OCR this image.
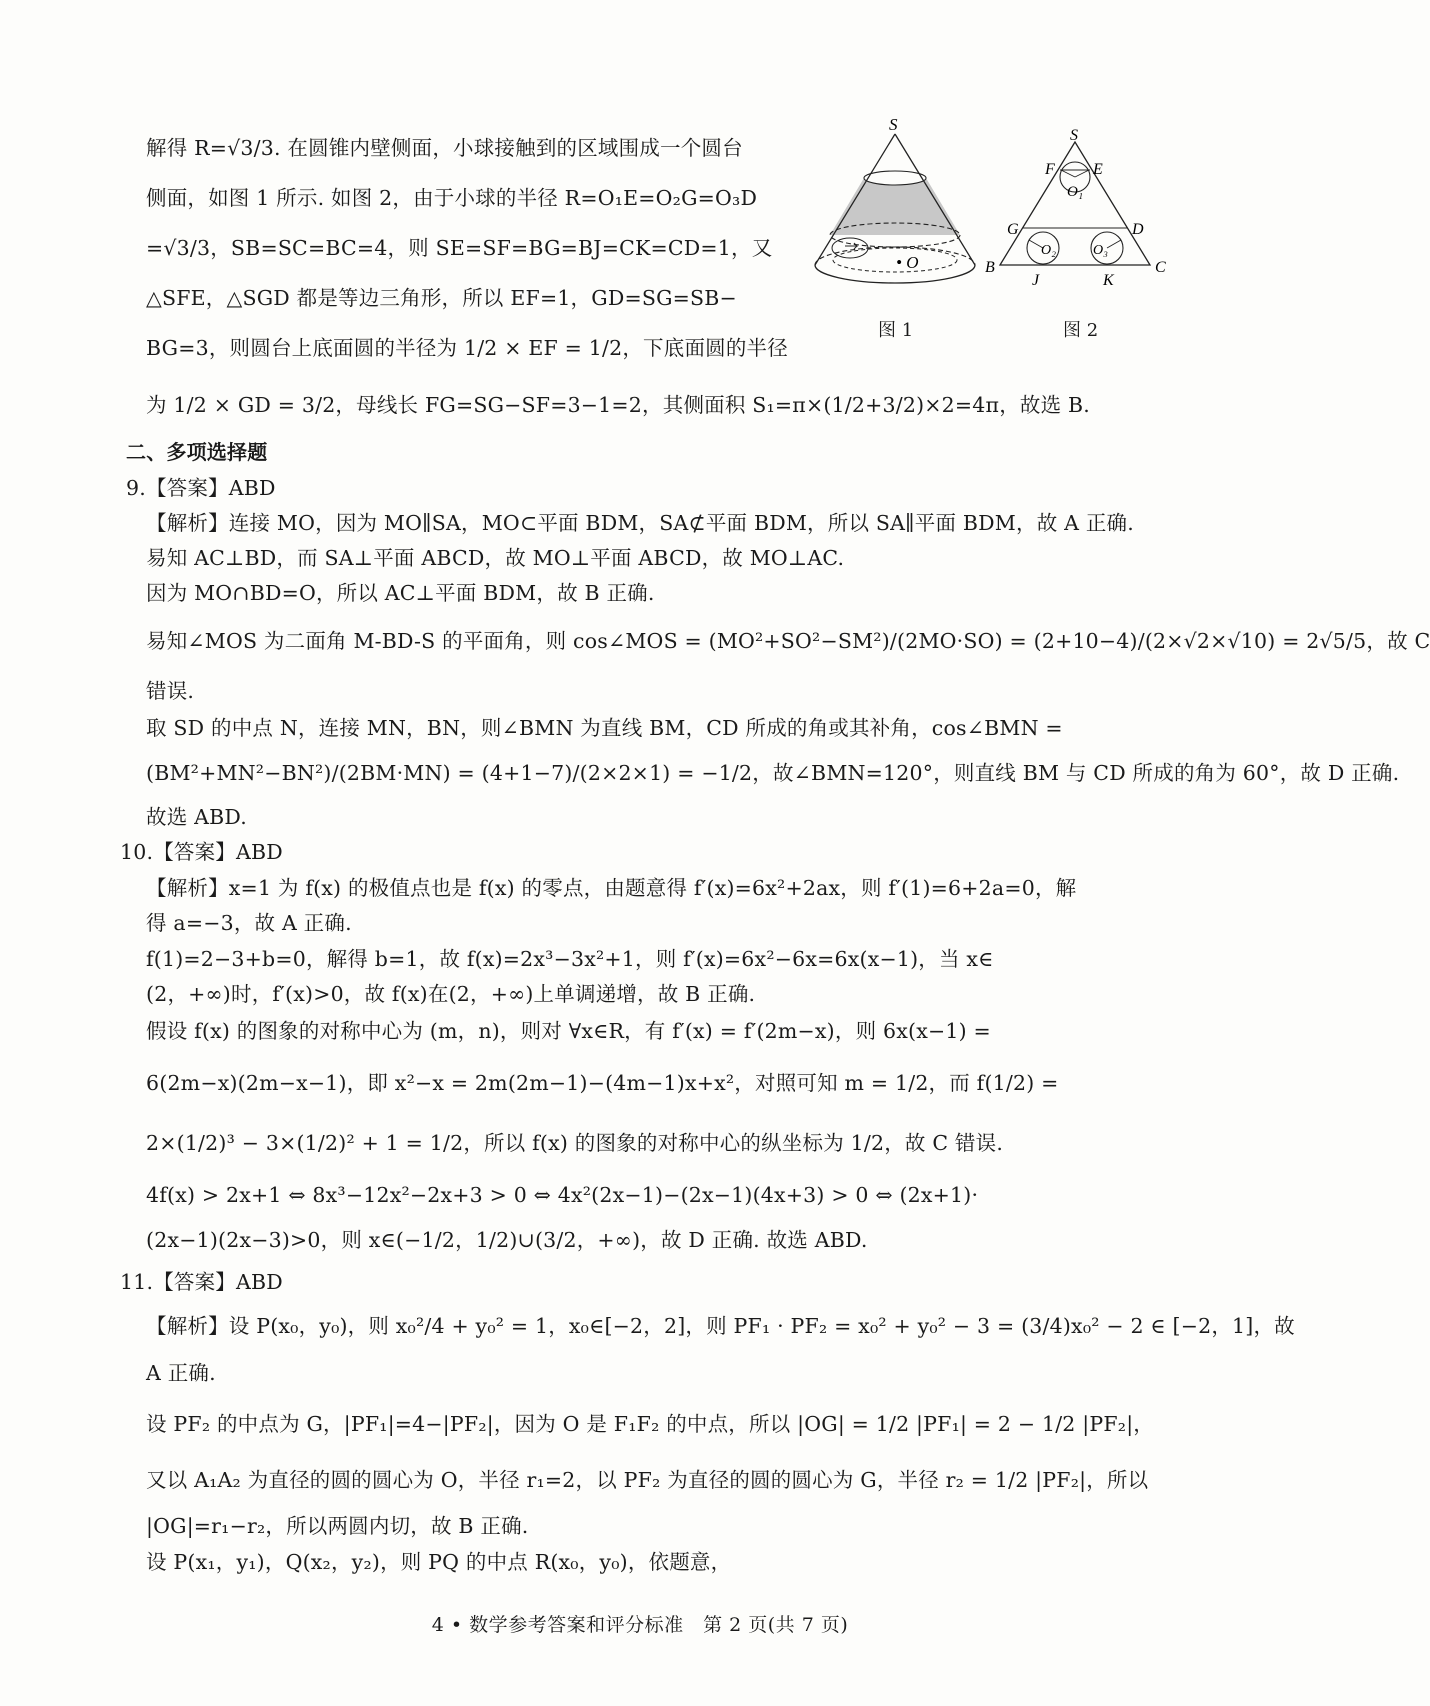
解得 R=√3/3. 在圆锥内壁侧面，小球接触到的区域围成一个圆台
侧面，如图 1 所示. 如图 2，由于小球的半径 R=O₁E=O₂G=O₃D
=√3/3，SB=SC=BC=4，则 SE=SF=BG=BJ=CK=CD=1，又
△SFE，△SGD 都是等边三角形，所以 EF=1，GD=SG=SB−
BG=3，则圆台上底面圆的半径为 1/2 × EF = 1/2，下底面圆的半径
为 1/2 × GD = 3/2，母线长 FG=SG−SF=3−1=2，其侧面积 S₁=π×(1/2+3/2)×2=4π，故选 B.
二、多项选择题
9.【答案】ABD
【解析】连接 MO，因为 MO∥SA，MO⊂平面 BDM，SA⊄平面 BDM，所以 SA∥平面 BDM，故 A 正确.
易知 AC⊥BD，而 SA⊥平面 ABCD，故 MO⊥平面 ABCD，故 MO⊥AC.
因为 MO∩BD=O，所以 AC⊥平面 BDM，故 B 正确.
易知∠MOS 为二面角 M-BD-S 的平面角，则 cos∠MOS = (MO²+SO²−SM²)/(2MO·SO) = (2+10−4)/(2×√2×√10) = 2√5/5，故 C
错误.
取 SD 的中点 N，连接 MN，BN，则∠BMN 为直线 BM，CD 所成的角或其补角，cos∠BMN =
(BM²+MN²−BN²)/(2BM·MN) = (4+1−7)/(2×2×1) = −1/2，故∠BMN=120°，则直线 BM 与 CD 所成的角为 60°，故 D 正确.
故选 ABD.
10.【答案】ABD
【解析】x=1 为 f(x) 的极值点也是 f(x) 的零点，由题意得 f′(x)=6x²+2ax，则 f′(1)=6+2a=0，解
得 a=−3，故 A 正确.
f(1)=2−3+b=0，解得 b=1，故 f(x)=2x³−3x²+1，则 f′(x)=6x²−6x=6x(x−1)，当 x∈
(2，+∞)时，f′(x)>0，故 f(x)在(2，+∞)上单调递增，故 B 正确.
假设 f(x) 的图象的对称中心为 (m，n)，则对 ∀x∈R，有 f′(x) = f′(2m−x)，则 6x(x−1) =
6(2m−x)(2m−x−1)，即 x²−x = 2m(2m−1)−(4m−1)x+x²，对照可知 m = 1/2，而 f(1/2) =
2×(1/2)³ − 3×(1/2)² + 1 = 1/2，所以 f(x) 的图象的对称中心的纵坐标为 1/2，故 C 错误.
4f(x) > 2x+1 ⇔ 8x³−12x²−2x+3 > 0 ⇔ 4x²(2x−1)−(2x−1)(4x+3) > 0 ⇔ (2x+1)·
(2x−1)(2x−3)>0，则 x∈(−1/2，1/2)∪(3/2，+∞)，故 D 正确. 故选 ABD.
11.【答案】ABD
【解析】设 P(x₀，y₀)，则 x₀²/4 + y₀² = 1，x₀∈[−2，2]，则 PF₁ · PF₂ = x₀² + y₀² − 3 = (3/4)x₀² − 2 ∈ [−2，1]，故
A 正确.
设 PF₂ 的中点为 G，|PF₁|=4−|PF₂|，因为 O 是 F₁F₂ 的中点，所以 |OG| = 1/2 |PF₁| = 2 − 1/2 |PF₂|，
又以 A₁A₂ 为直径的圆的圆心为 O，半径 r₁=2，以 PF₂ 为直径的圆的圆心为 G，半径 r₂ = 1/2 |PF₂|，所以
|OG|=r₁−r₂，所以两圆内切，故 B 正确.
设 P(x₁，y₁)，Q(x₂，y₂)，则 PQ 的中点 R(x₀，y₀)，依题意，
S
• O
图 1
S
F E
O₁
G	D
O₂	O₃
B	C
J	K
图 2
4 • 数学参考答案和评分标准　第 2 页(共 7 页)
